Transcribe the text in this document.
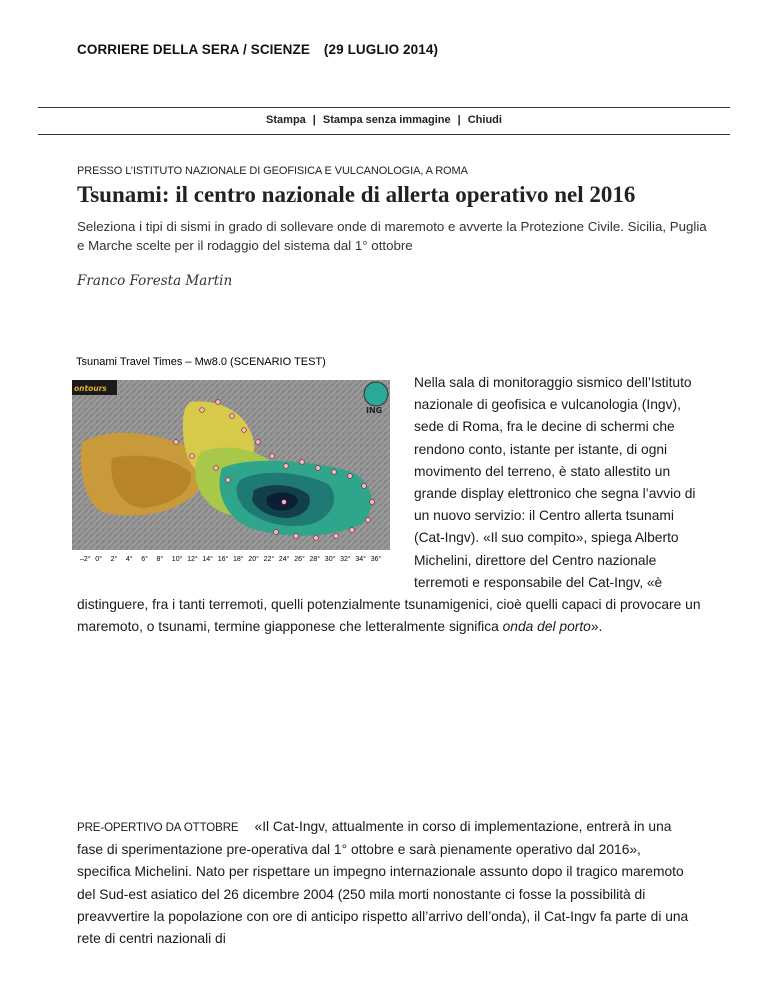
CORRIERE DELLA SERA / SCIENZE (29 LUGLIO 2014)
Stampa | Stampa senza immagine | Chiudi
PRESSO L’ISTITUTO NAZIONALE DI GEOFISICA E VULCANOLOGIA, A ROMA
Tsunami: il centro nazionale di allerta operativo nel 2016
Seleziona i tipi di sismi in grado di sollevare onde di maremoto e avverte la Protezione Civile. Sicilia, Puglia e Marche scelte per il rodaggio del sistema dal 1° ottobre
Franco Foresta Martin
Tsunami Travel Times – Mw8.0 (SCENARIO TEST)
ontours
ING
–2° 0° 2° 4° 6° 8° 10° 12° 14° 16° 18° 20° 22° 24° 26° 28° 30° 32° 34° 36°
Nella sala di monitoraggio sismico dell’Istituto nazionale di geofisica e vulcanologia (Ingv), sede di Roma, fra le decine di schermi che rendono conto, istante per istante, di ogni movimento del terreno, è stato allestito un grande display elettronico che segna l’avvio di un nuovo servizio: il Centro allerta tsunami (Cat-Ingv). «Il suo compito», spiega Alberto Michelini, direttore del Centro nazionale terremoti e responsabile del Cat-Ingv, «è distinguere, fra i tanti terremoti, quelli potenzialmente tsunamigenici, cioè quelli capaci di provocare un maremoto, o tsunami, termine giapponese che letteralmente significa onda del porto».
PRE-OPERTIVO DA OTTOBRE «Il Cat-Ingv, attualmente in corso di implementazione, entrerà in una fase di sperimentazione pre-operativa dal 1° ottobre e sarà pienamente operativo dal 2016», specifica Michelini. Nato per rispettare un impegno internazionale assunto dopo il tragico maremoto del Sud-est asiatico del 26 dicembre 2004 (250 mila morti nonostante ci fosse la possibilità di preavvertire la popolazione con ore di anticipo rispetto all’arrivo dell’onda), il Cat-Ingv fa parte di una rete di centri nazionali di
